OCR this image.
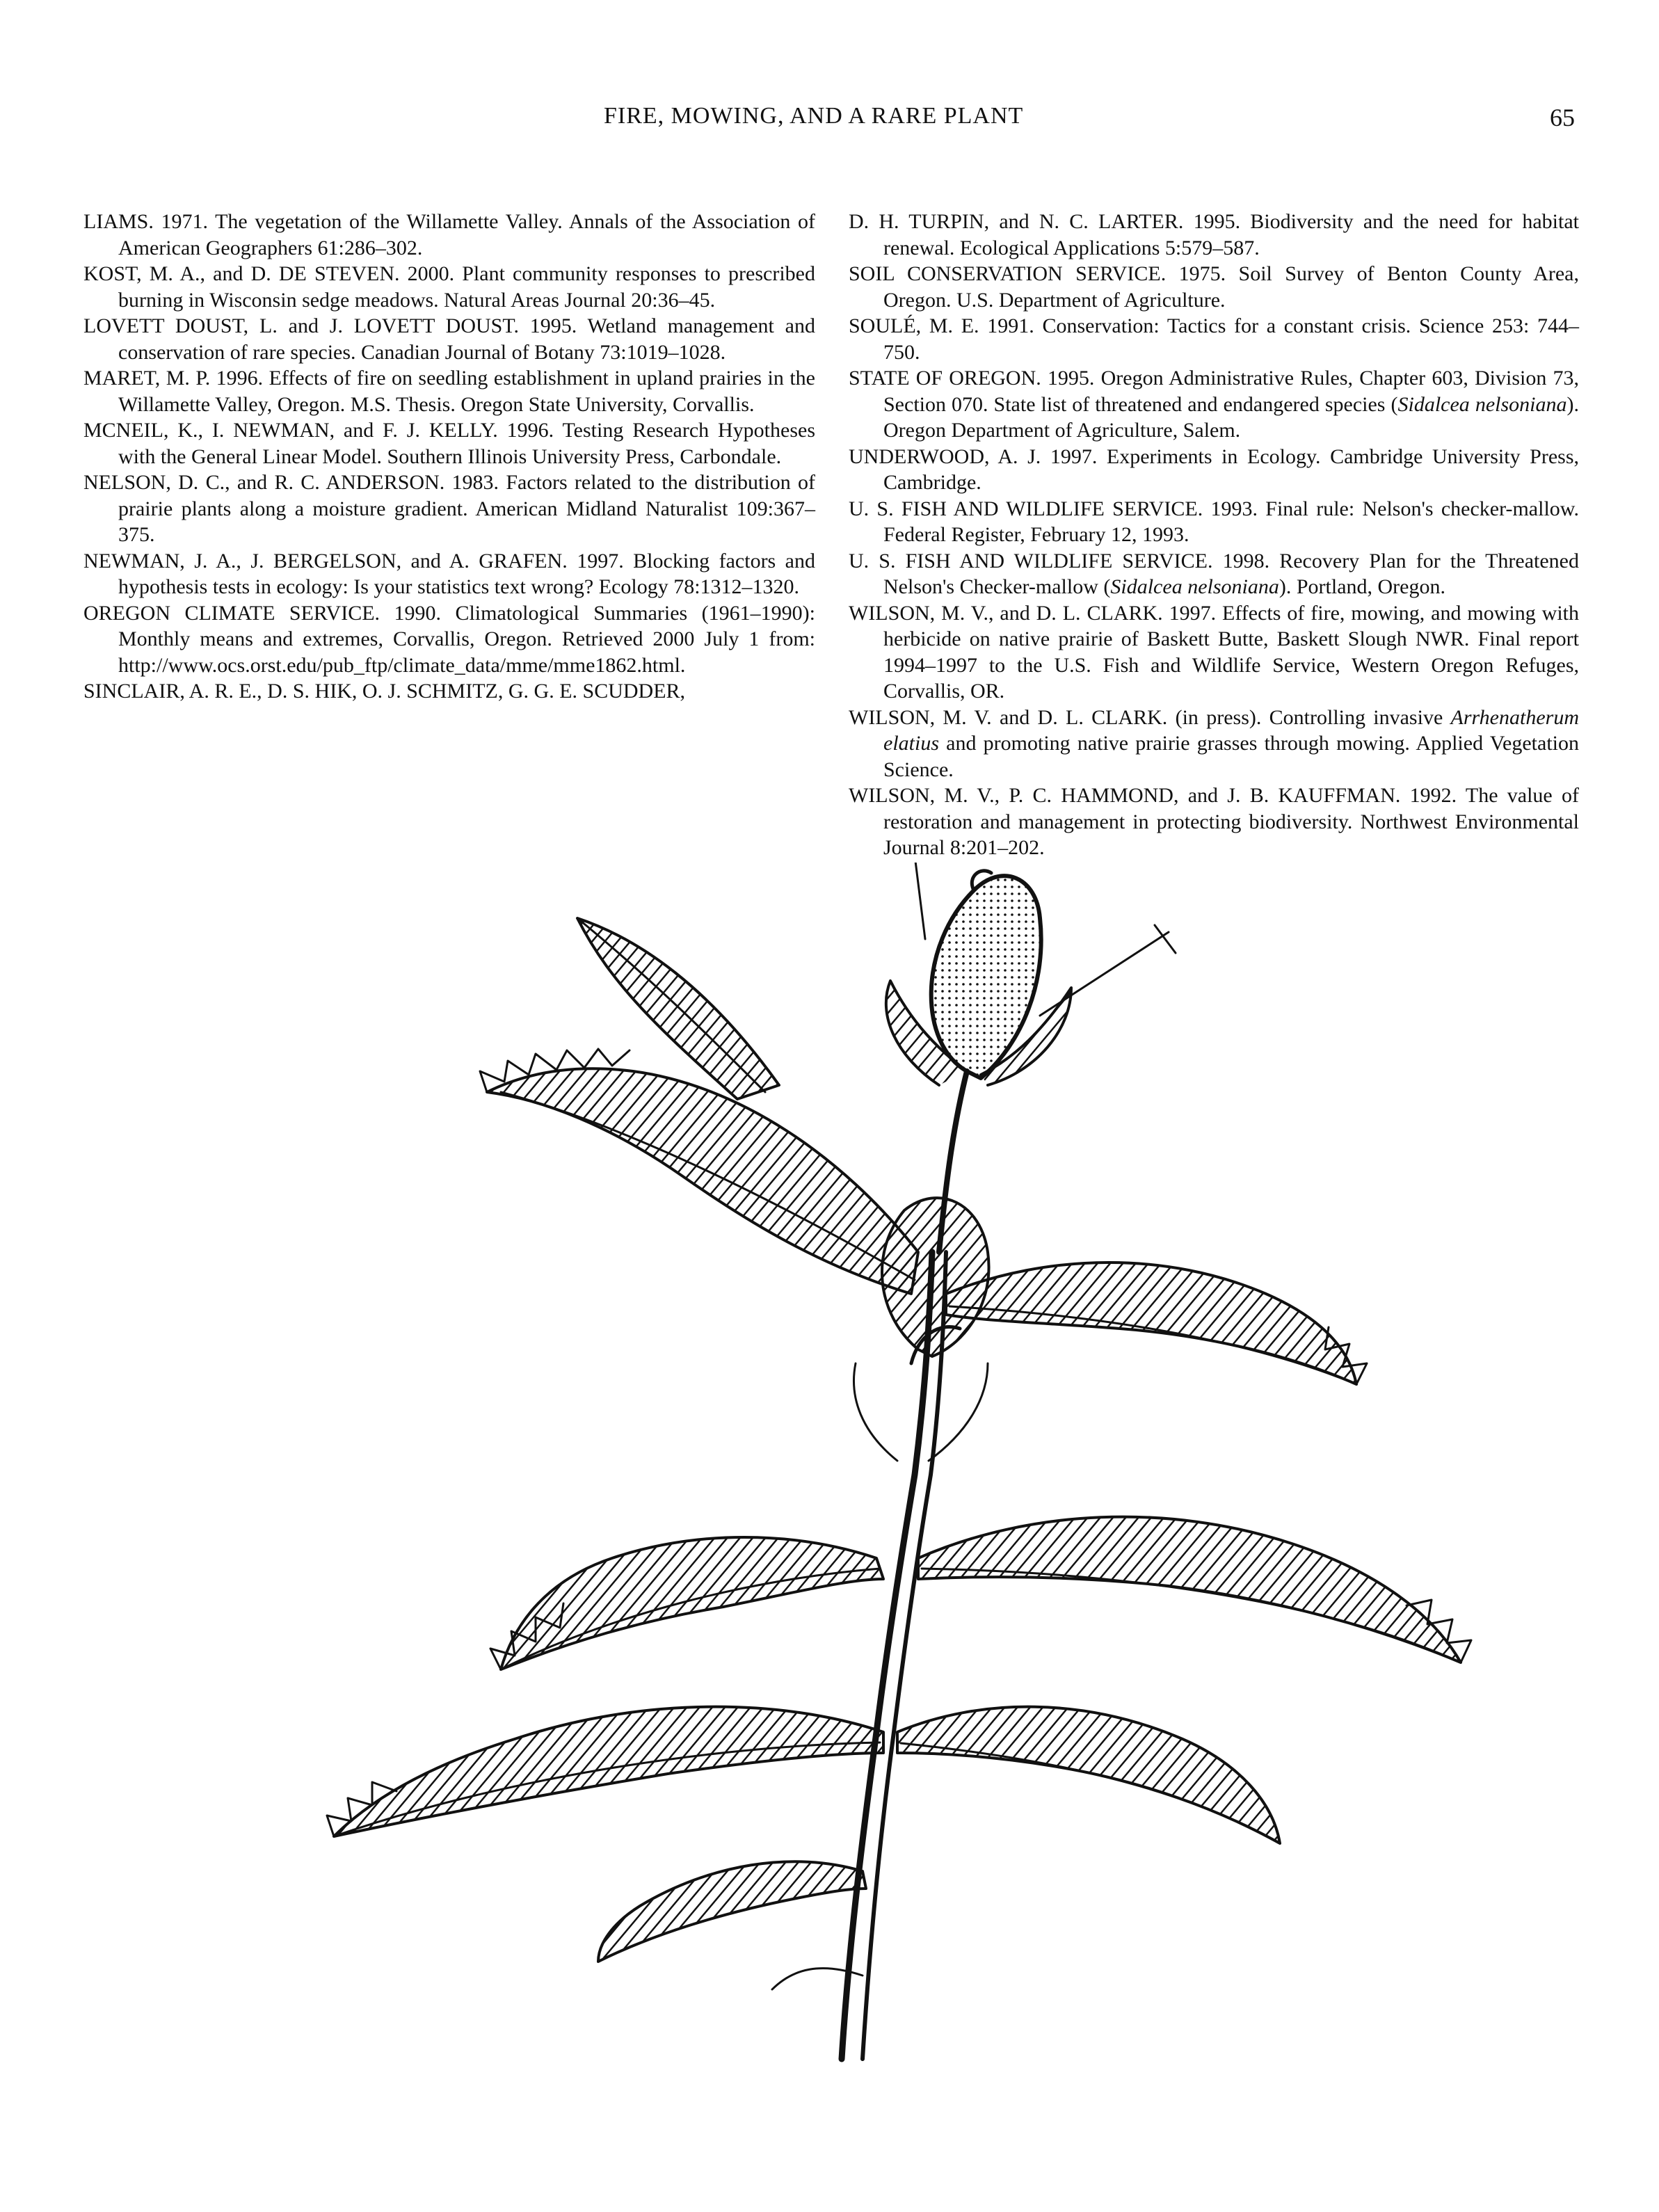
FIRE, MOWING, AND A RARE PLANT	65
LIAMS. 1971. The vegetation of the Willamette Valley. Annals of the Association of American Geographers 61:286–302.
KOST, M. A., and D. DE STEVEN. 2000. Plant community responses to prescribed burning in Wisconsin sedge meadows. Natural Areas Journal 20:36–45.
LOVETT DOUST, L. and J. LOVETT DOUST. 1995. Wetland management and conservation of rare species. Canadian Journal of Botany 73:1019–1028.
MARET, M. P. 1996. Effects of fire on seedling establishment in upland prairies in the Willamette Valley, Oregon. M.S. Thesis. Oregon State University, Corvallis.
MCNEIL, K., I. NEWMAN, and F. J. KELLY. 1996. Testing Research Hypotheses with the General Linear Model. Southern Illinois University Press, Carbondale.
NELSON, D. C., and R. C. ANDERSON. 1983. Factors related to the distribution of prairie plants along a moisture gradient. American Midland Naturalist 109:367–375.
NEWMAN, J. A., J. BERGELSON, and A. GRAFEN. 1997. Blocking factors and hypothesis tests in ecology: Is your statistics text wrong? Ecology 78:1312–1320.
OREGON CLIMATE SERVICE. 1990. Climatological Summaries (1961–1990): Monthly means and extremes, Corvallis, Oregon. Retrieved 2000 July 1 from: http://www.ocs.orst.edu/pub_ftp/climate_data/mme/mme1862.html.
SINCLAIR, A. R. E., D. S. HIK, O. J. SCHMITZ, G. G. E. SCUDDER,
D. H. TURPIN, and N. C. LARTER. 1995. Biodiversity and the need for habitat renewal. Ecological Applications 5:579–587.
SOIL CONSERVATION SERVICE. 1975. Soil Survey of Benton County Area, Oregon. U.S. Department of Agriculture.
SOULÉ, M. E. 1991. Conservation: Tactics for a constant crisis. Science 253: 744–750.
STATE OF OREGON. 1995. Oregon Administrative Rules, Chapter 603, Division 73, Section 070. State list of threatened and endangered species (Sidalcea nelsoniana). Oregon Department of Agriculture, Salem.
UNDERWOOD, A. J. 1997. Experiments in Ecology. Cambridge University Press, Cambridge.
U. S. FISH AND WILDLIFE SERVICE. 1993. Final rule: Nelson's checker-mallow. Federal Register, February 12, 1993.
U. S. FISH AND WILDLIFE SERVICE. 1998. Recovery Plan for the Threatened Nelson's Checker-mallow (Sidalcea nelsoniana). Portland, Oregon.
WILSON, M. V., and D. L. CLARK. 1997. Effects of fire, mowing, and mowing with herbicide on native prairie of Baskett Butte, Baskett Slough NWR. Final report 1994–1997 to the U.S. Fish and Wildlife Service, Western Oregon Refuges, Corvallis, OR.
WILSON, M. V. and D. L. CLARK. (in press). Controlling invasive Arrhenatherum elatius and promoting native prairie grasses through mowing. Applied Vegetation Science.
WILSON, M. V., P. C. HAMMOND, and J. B. KAUFFMAN. 1992. The value of restoration and management in protecting biodiversity. Northwest Environmental Journal 8:201–202.
